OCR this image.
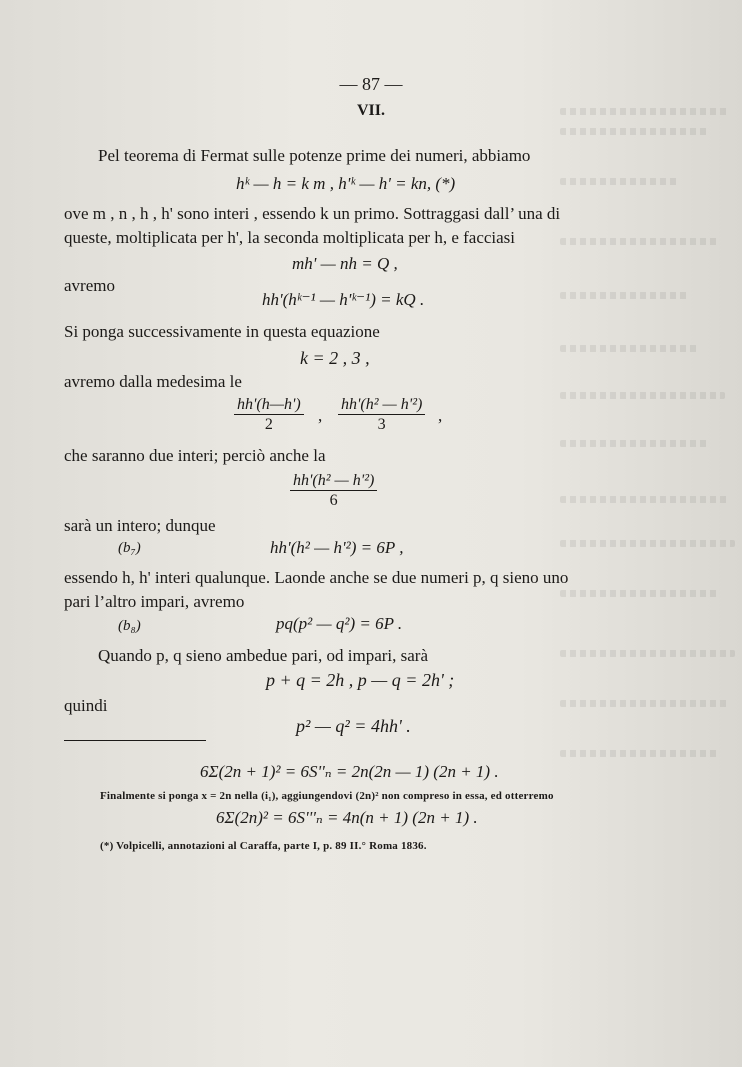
— 87 —
VII.
Pel teorema di Fermat sulle potenze prime dei numeri, abbiamo
hᵏ — h = k m , h'ᵏ — h' = kn, (*)
ove m , n , h , h' sono interi , essendo k un primo. Sottraggasi dall’ una di
queste, moltiplicata per h', la seconda moltiplicata per h, e facciasi
mh' — nh = Q ,
avremo
hh'(hᵏ⁻¹ — h'ᵏ⁻¹) = kQ .
Si ponga successivamente in questa equazione
k = 2 , 3 ,
avremo dalla medesima le
$\frac{hh'(h—h')}{2}$ , $\frac{\text{hh'(h² — h'²)}}{3}$ ,
che saranno due interi; perciò anche la
$\frac{\text{hh'(h² — h'²)}}{6}$
sarà un intero; dunque
(b₇)	hh'(h² — h'²) = 6P ,
essendo h, h' interi qualunque. Laonde anche se due numeri p, q sieno uno
pari l’altro impari, avremo
(b₈)	pq(p² — q²) = 6P .
Quando p, q sieno ambedue pari, od impari, sarà
p + q = 2h , p — q = 2h' ;
quindi
p² — q² = 4hh' .
6Σ(2n + 1)² = 6S''ₙ = 2n(2n — 1) (2n + 1) .
Finalmente si ponga x = 2n nella (i₁), aggiungendovi (2n)² non compreso in essa, ed otterremo
6Σ(2n)² = 6S'''ₙ = 4n(n + 1) (2n + 1) .
(*) Volpicelli, annotazioni al Caraffa, parte I, p. 89 II.° Roma 1836.
